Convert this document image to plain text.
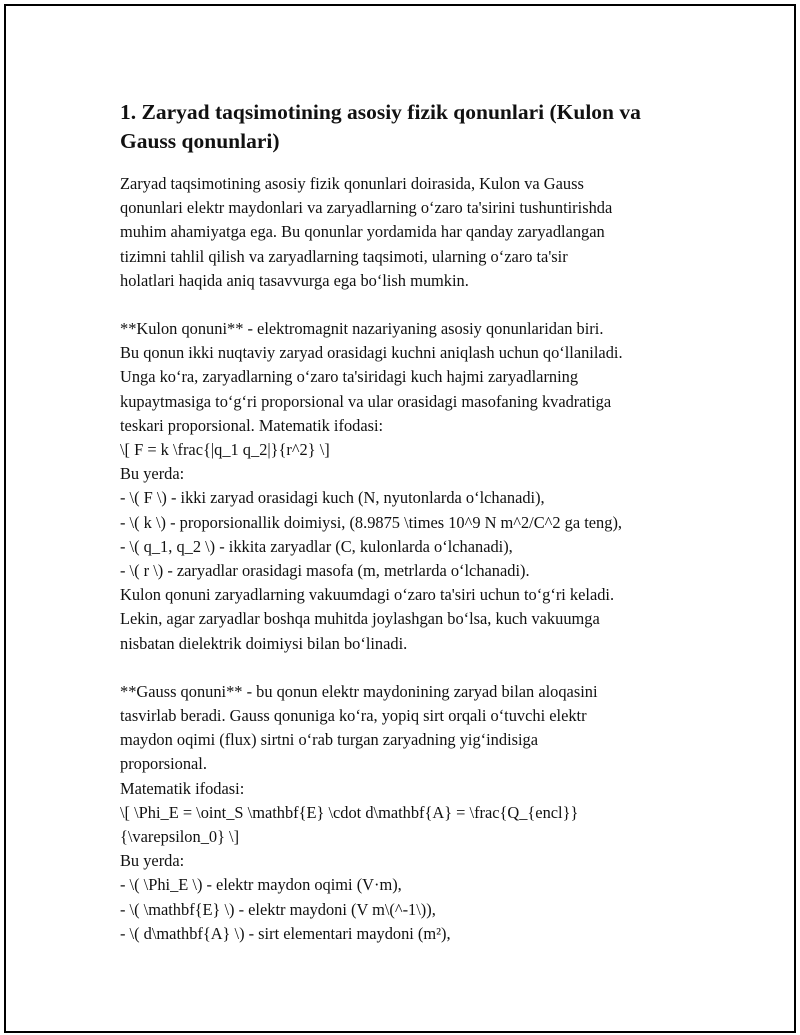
1. Zaryad taqsimotining asosiy fizik qonunlari (Kulon va
Gauss qonunlari)
Zaryad taqsimotining asosiy fizik qonunlari doirasida, Kulon va Gauss
qonunlari elektr maydonlari va zaryadlarning o‘zaro ta'sirini tushuntirishda
muhim ahamiyatga ega. Bu qonunlar yordamida har qanday zaryadlangan
tizimni tahlil qilish va zaryadlarning taqsimoti, ularning o‘zaro ta'sir
holatlari haqida aniq tasavvurga ega bo‘lish mumkin.
**Kulon qonuni** - elektromagnit nazariyaning asosiy qonunlaridan biri.
Bu qonun ikki nuqtaviy zaryad orasidagi kuchni aniqlash uchun qo‘llaniladi.
Unga ko‘ra, zaryadlarning o‘zaro ta'siridagi kuch hajmi zaryadlarning
kupaytmasiga to‘g‘ri proporsional va ular orasidagi masofaning kvadratiga
teskari proporsional. Matematik ifodasi:
\[ F = k \frac{|q_1 q_2|}{r^2} \]
Bu yerda:
- \( F \) - ikki zaryad orasidagi kuch (N, nyutonlarda o‘lchanadi),
- \( k \) - proporsionallik doimiysi, (8.9875 \times 10^9 N m^2/C^2 ga teng),
- \( q_1, q_2 \) - ikkita zaryadlar (C, kulonlarda o‘lchanadi),
- \( r \) - zaryadlar orasidagi masofa (m, metrlarda o‘lchanadi).
Kulon qonuni zaryadlarning vakuumdagi o‘zaro ta'siri uchun to‘g‘ri keladi.
Lekin, agar zaryadlar boshqa muhitda joylashgan bo‘lsa, kuch vakuumga
nisbatan dielektrik doimiysi bilan bo‘linadi.
**Gauss qonuni** - bu qonun elektr maydonining zaryad bilan aloqasini
tasvirlab beradi. Gauss qonuniga ko‘ra, yopiq sirt orqali o‘tuvchi elektr
maydon oqimi (flux) sirtni o‘rab turgan zaryadning yig‘indisiga
proporsional.
Matematik ifodasi:
\[ \Phi_E = \oint_S \mathbf{E} \cdot d\mathbf{A} = \frac{Q_{encl}}
{\varepsilon_0} \]
Bu yerda:
- \( \Phi_E \) - elektr maydon oqimi (V·m),
- \( \mathbf{E} \) - elektr maydoni (V m\(^-1\)),
- \( d\mathbf{A} \) - sirt elementari maydoni (m²),
